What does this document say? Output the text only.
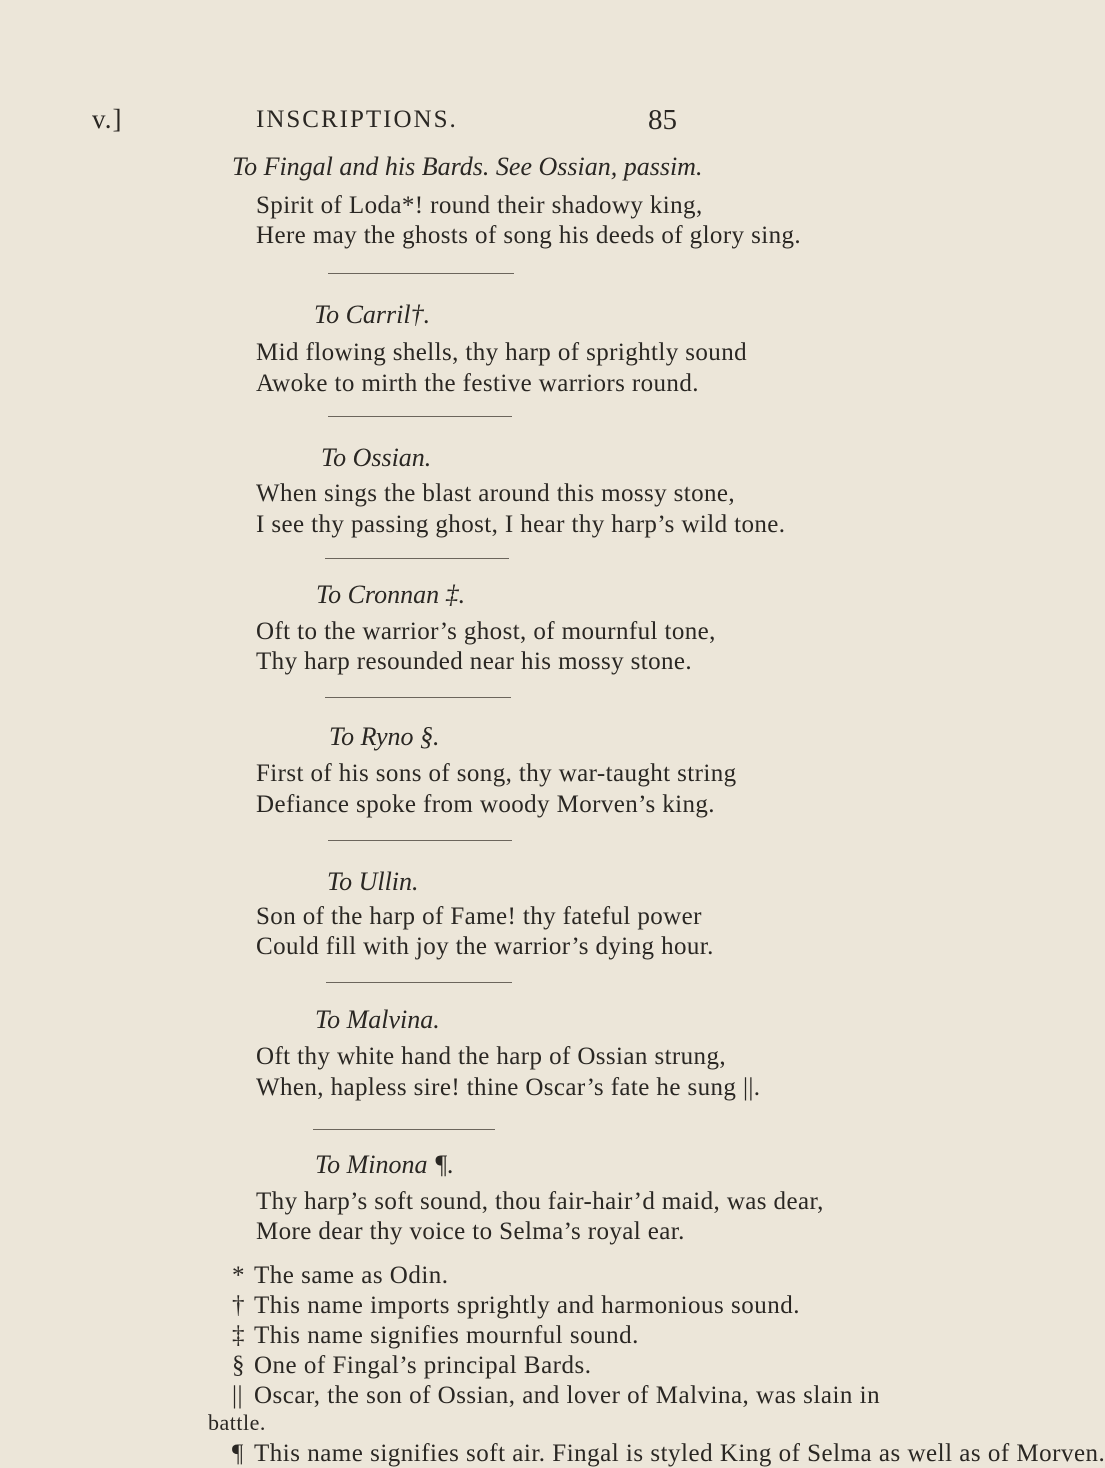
v.]	INSCRIPTIONS.	85
To Fingal and his Bards. See Ossian, passim.
Spirit of Loda*! round their shadowy king,
Here may the ghosts of song his deeds of glory sing.
To Carril†.
Mid flowing shells, thy harp of sprightly sound
Awoke to mirth the festive warriors round.
To Ossian.
When sings the blast around this mossy stone,
I see thy passing ghost, I hear thy harp’s wild tone.
To Cronnan ‡.
Oft to the warrior’s ghost, of mournful tone,
Thy harp resounded near his mossy stone.
To Ryno §.
First of his sons of song, thy war-taught string
Defiance spoke from woody Morven’s king.
To Ullin.
Son of the harp of Fame! thy fateful power
Could fill with joy the warrior’s dying hour.
To Malvina.
Oft thy white hand the harp of Ossian strung,
When, hapless sire! thine Oscar’s fate he sung ||.
To Minona ¶.
Thy harp’s soft sound, thou fair-hair’d maid, was dear,
More dear thy voice to Selma’s royal ear.
* The same as Odin.
† This name imports sprightly and harmonious sound.
‡ This name signifies mournful sound.
§ One of Fingal’s principal Bards.
|| Oscar, the son of Ossian, and lover of Malvina, was slain in
battle.
¶ This name signifies soft air. Fingal is styled King of Selma as well as of Morven.
